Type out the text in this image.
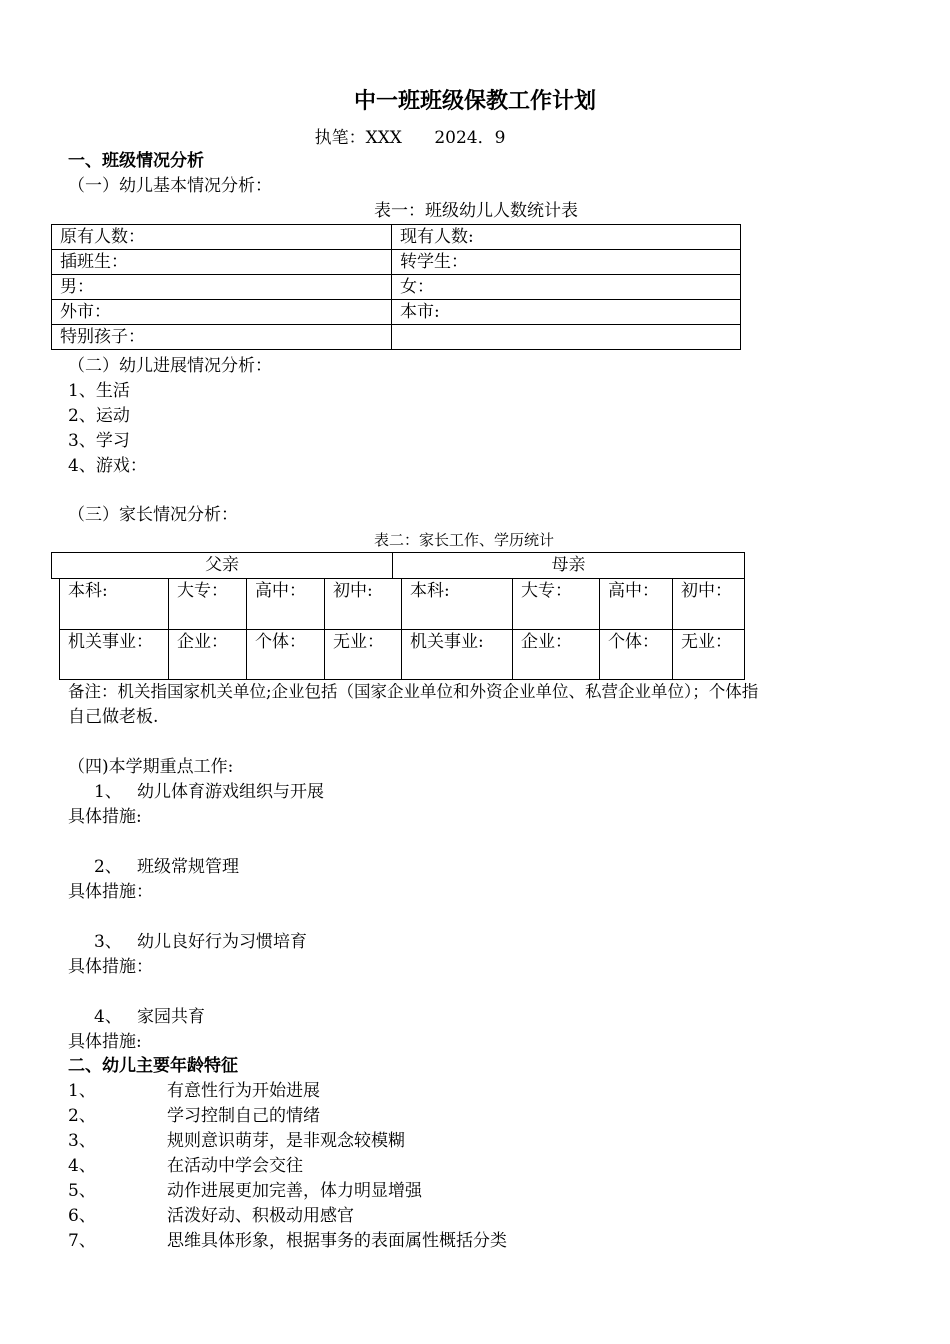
中一班班级保教工作计划
执笔：XXX      2024．9
一、班级情况分析
（一）幼儿基本情况分析：
表一：班级幼儿人数统计表
原有人数：	现有人数:
插班生：	转学生：
男：	女：
外市：	本市:
特别孩子：	
（二）幼儿进展情况分析：
1、生活
2、运动
3、学习
4、游戏：
（三）家长情况分析：
表二：家长工作、学历统计
父亲	母亲
本科:	大专：	高中：	初中:	本科:	大专：	高中：	初中：
机关事业：	企业：	个体：	无业：	机关事业:	企业：	个体：	无业：
备注：机关指国家机关单位;企业包括（国家企业单位和外资企业单位、私营企业单位）；个体指
自己做老板.
（四)本学期重点工作:
1、 幼儿体育游戏组织与开展
具体措施:
2、 班级常规管理
具体措施：
3、 幼儿良好行为习惯培育
具体措施：
4、 家园共育
具体措施:
二、幼儿主要年龄特征
1、	有意性行为开始进展
2、	学习控制自己的情绪
3、	规则意识萌芽，是非观念较模糊
4、	在活动中学会交往
5、	动作进展更加完善，体力明显增强
6、	活泼好动、积极动用感官
7、	思维具体形象，根据事务的表面属性概括分类
